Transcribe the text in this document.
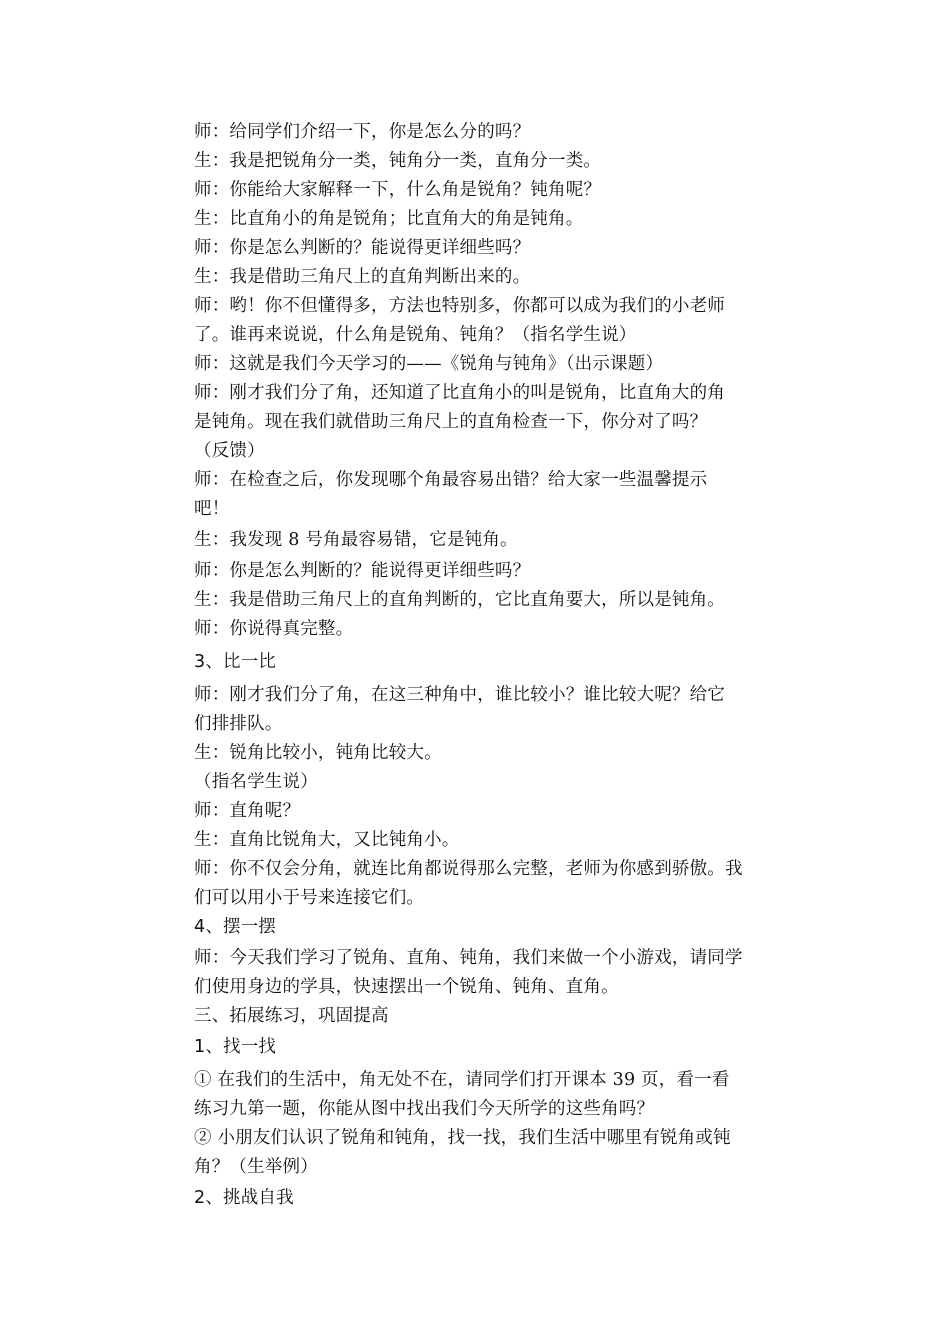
师：给同学们介绍一下，你是怎么分的吗？
生：我是把锐角分一类，钝角分一类，直角分一类。
师：你能给大家解释一下，什么角是锐角？钝角呢？
生：比直角小的角是锐角；比直角大的角是钝角。
师：你是怎么判断的？能说得更详细些吗？
生：我是借助三角尺上的直角判断出来的。
师：哟！你不但懂得多，方法也特别多，你都可以成为我们的小老师
了。谁再来说说，什么角是锐角、钝角？（指名学生说）
师：这就是我们今天学习的——《锐角与钝角》（出示课题）
师：刚才我们分了角，还知道了比直角小的叫是锐角，比直角大的角
是钝角。现在我们就借助三角尺上的直角检查一下，你分对了吗？
（反馈）
师：在检查之后，你发现哪个角最容易出错？给大家一些温馨提示
吧！
生：我发现 8 号角最容易错，它是钝角。
师：你是怎么判断的？能说得更详细些吗？
生：我是借助三角尺上的直角判断的，它比直角要大，所以是钝角。
师：你说得真完整。
3、比一比
师：刚才我们分了角，在这三种角中，谁比较小？谁比较大呢？给它
们排排队。
生：锐角比较小，钝角比较大。
（指名学生说）
师：直角呢？
生：直角比锐角大，又比钝角小。
师：你不仅会分角，就连比角都说得那么完整，老师为你感到骄傲。我
们可以用小于号来连接它们。
4、摆一摆
师：今天我们学习了锐角、直角、钝角，我们来做一个小游戏，请同学
们使用身边的学具，快速摆出一个锐角、钝角、直角。
三、拓展练习，巩固提高
1、找一找
① 在我们的生活中，角无处不在，请同学们打开课本 39 页，看一看
练习九第一题，你能从图中找出我们今天所学的这些角吗？
② 小朋友们认识了锐角和钝角，找一找，我们生活中哪里有锐角或钝
角？（生举例）
2、挑战自我
